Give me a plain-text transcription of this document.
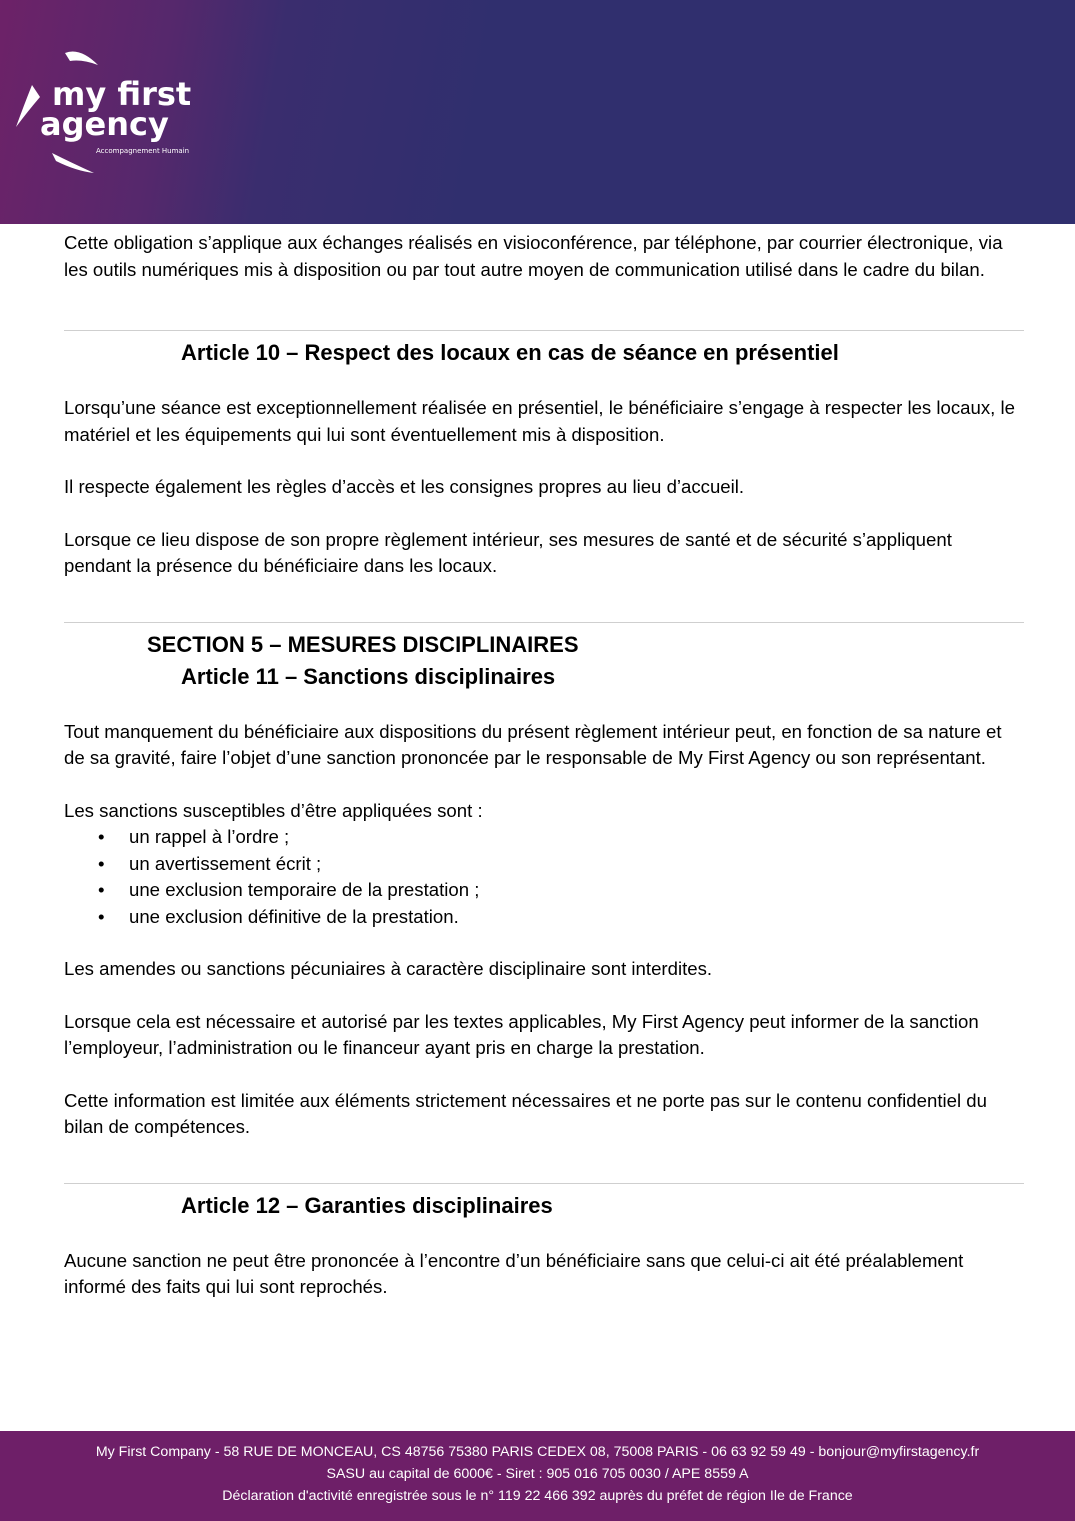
my first
agency
Accompagnement Humain

Cette obligation s’applique aux échanges réalisés en visioconférence, par téléphone, par courrier électronique, via les outils numériques mis à disposition ou par tout autre moyen de communication utilisé dans le cadre du bilan.

Article 10 – Respect des locaux en cas de séance en présentiel

Lorsqu’une séance est exceptionnellement réalisée en présentiel, le bénéficiaire s’engage à respecter les locaux, le matériel et les équipements qui lui sont éventuellement mis à disposition.

Il respecte également les règles d’accès et les consignes propres au lieu d’accueil.

Lorsque ce lieu dispose de son propre règlement intérieur, ses mesures de santé et de sécurité s’appliquent pendant la présence du bénéficiaire dans les locaux.

SECTION 5 – MESURES DISCIPLINAIRES
Article 11 – Sanctions disciplinaires

Tout manquement du bénéficiaire aux dispositions du présent règlement intérieur peut, en fonction de sa nature et de sa gravité, faire l’objet d’une sanction prononcée par le responsable de My First Agency ou son représentant.

Les sanctions susceptibles d’être appliquées sont :

• un rappel à l’ordre ;
• un avertissement écrit ;
• une exclusion temporaire de la prestation ;
• une exclusion définitive de la prestation.

Les amendes ou sanctions pécuniaires à caractère disciplinaire sont interdites.

Lorsque cela est nécessaire et autorisé par les textes applicables, My First Agency peut informer de la sanction l’employeur, l’administration ou le financeur ayant pris en charge la prestation.

Cette information est limitée aux éléments strictement nécessaires et ne porte pas sur le contenu confidentiel du bilan de compétences.

Article 12 – Garanties disciplinaires

Aucune sanction ne peut être prononcée à l’encontre d’un bénéficiaire sans que celui-ci ait été préalablement informé des faits qui lui sont reprochés.

My First Company - 58 RUE DE MONCEAU, CS 48756 75380 PARIS CEDEX 08, 75008 PARIS - 06 63 92 59 49 - bonjour@myfirstagency.fr
SASU au capital de 6000€ - Siret : 905 016 705 0030 / APE 8559 A
Déclaration d'activité enregistrée sous le n° 119 22 466 392 auprès du préfet de région Ile de France
